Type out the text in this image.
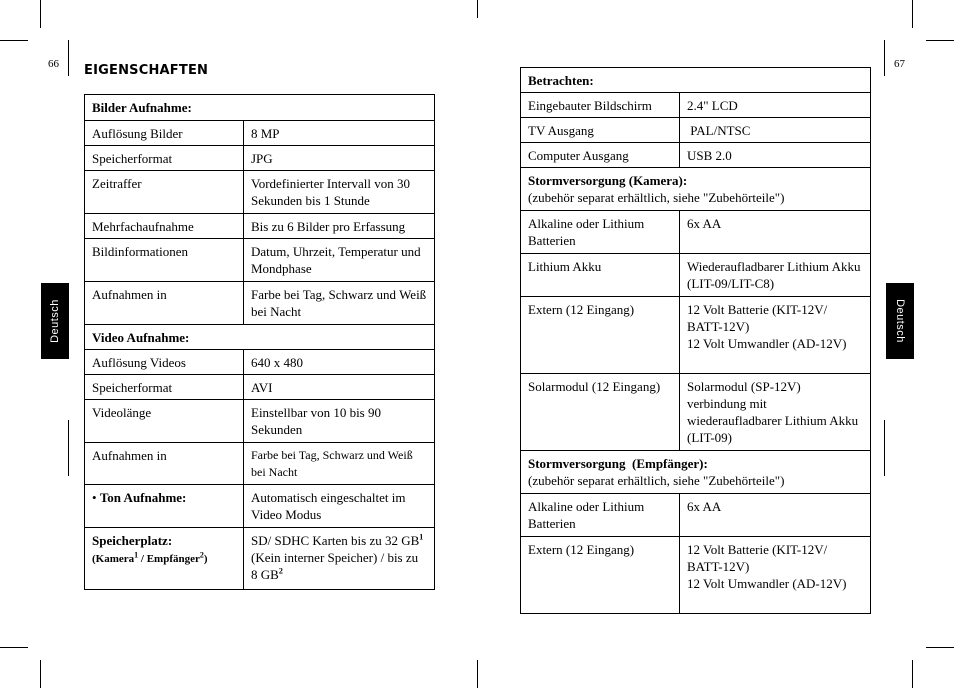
66	67
Deutsch	Deutsch
EIGENSCHAFTEN
Bilder Aufnahme:	
Auflösung Bilder	8 MP
Speicherformat	JPG
Zeitraffer	Vordefinierter Intervall von 30 Sekunden bis 1 Stunde
Mehrfachaufnahme	Bis zu 6 Bilder pro Erfassung
Bildinformationen	Datum, Uhrzeit, Temperatur und Mondphase
Aufnahmen in	Farbe bei Tag, Schwarz und Weiß bei Nacht
Video Aufnahme:	
Auflösung Videos	640 x 480
Speicherformat	AVI
Videolänge	Einstellbar von 10 bis 90 Sekunden
Aufnahmen in	Farbe bei Tag, Schwarz und Weiß bei Nacht
• Ton Aufnahme:	Automatisch eingeschaltet im Video Modus
Speicherplatz:
(Kamera$^1$ / Empfänger$^2$)	SD/ SDHC Karten bis zu 32 $GB^1$ (Kein interner Speicher) / bis zu 8 $GB^2$
Betrachten:	
Eingebauter Bildschirm	2.4" LCD
TV Ausgang	PAL/NTSC
Computer Ausgang	USB 2.0
Stormversorgung (Kamera):
(zubehör separat erhältlich, siehe "Zubehörteile")	
Alkaline oder Lithium Batterien	6x AA
Lithium Akku	Wiederaufladbarer Lithium Akku (LIT-09/LIT-C8)
Extern (12 Eingang)	12 Volt Batterie (KIT-12V/ BATT-12V)
12 Volt Umwandler (AD-12V)

Solarmodul (12 Eingang)	Solarmodul (SP-12V) verbindung mit wiederaufladbarer Lithium Akku (LIT-09)
Stormversorgung  (Empfänger):
(zubehör separat erhältlich, siehe "Zubehörteile")	
Alkaline oder Lithium Batterien	6x AA
Extern (12 Eingang)	12 Volt Batterie (KIT-12V/ BATT-12V)
12 Volt Umwandler (AD-12V)
